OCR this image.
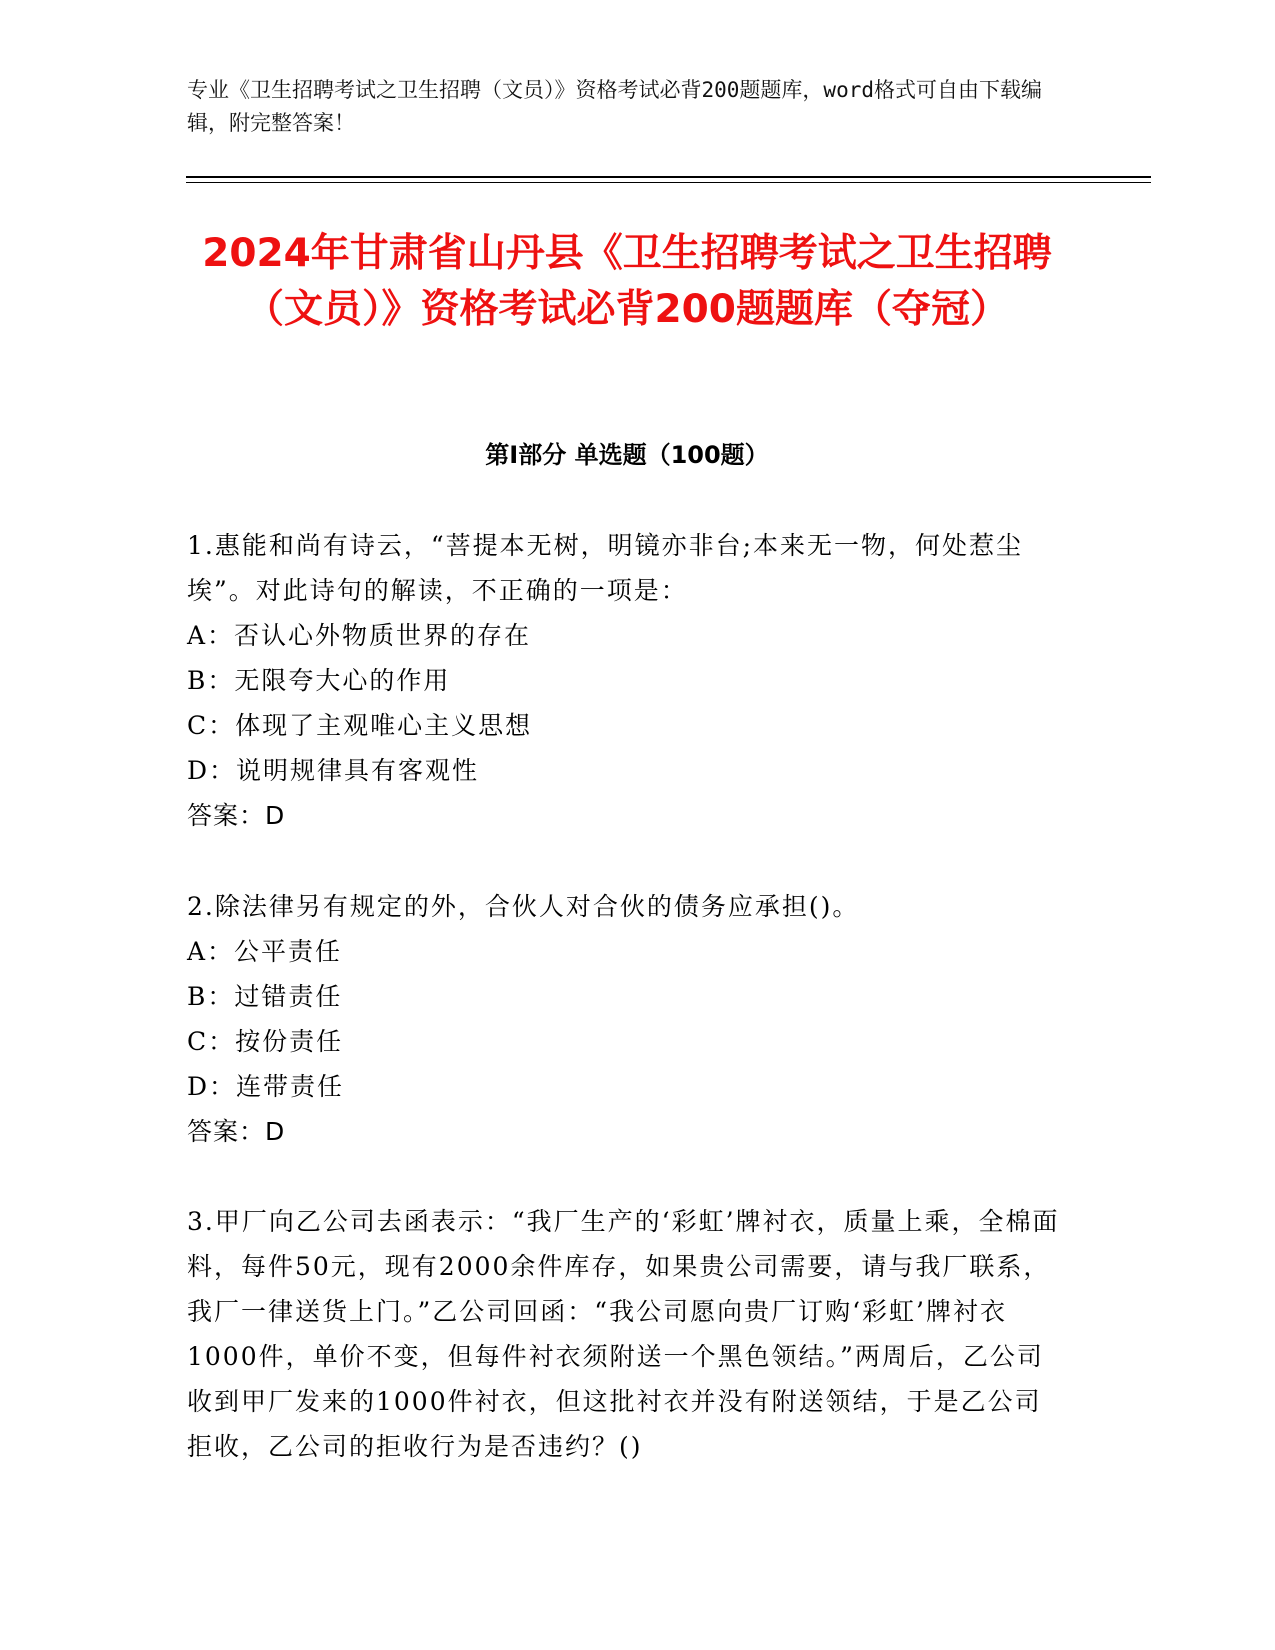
专业《卫生招聘考试之卫生招聘（文员）》资格考试必背200题题库，word格式可自由下载编辑，附完整答案！
2024年甘肃省山丹县《卫生招聘考试之卫生招聘（文员）》资格考试必背200题题库（夺冠）
第I部分 单选题（100题）
1.惠能和尚有诗云，“菩提本无树，明镜亦非台;本来无一物，何处惹尘埃”。对此诗句的解读，不正确的一项是：
A：否认心外物质世界的存在
B：无限夸大心的作用
C：体现了主观唯心主义思想
D：说明规律具有客观性
答案：D
2.除法律另有规定的外，合伙人对合伙的债务应承担()。
A：公平责任
B：过错责任
C：按份责任
D：连带责任
答案：D
3.甲厂向乙公司去函表示：“我厂生产的‘彩虹’牌衬衣，质量上乘，全棉面料，每件50元，现有2000余件库存，如果贵公司需要，请与我厂联系，我厂一律送货上门。”乙公司回函：“我公司愿向贵厂订购‘彩虹’牌衬衣1000件，单价不变，但每件衬衣须附送一个黑色领结。”两周后，乙公司收到甲厂发来的1000件衬衣，但这批衬衣并没有附送领结，于是乙公司拒收，乙公司的拒收行为是否违约？()
